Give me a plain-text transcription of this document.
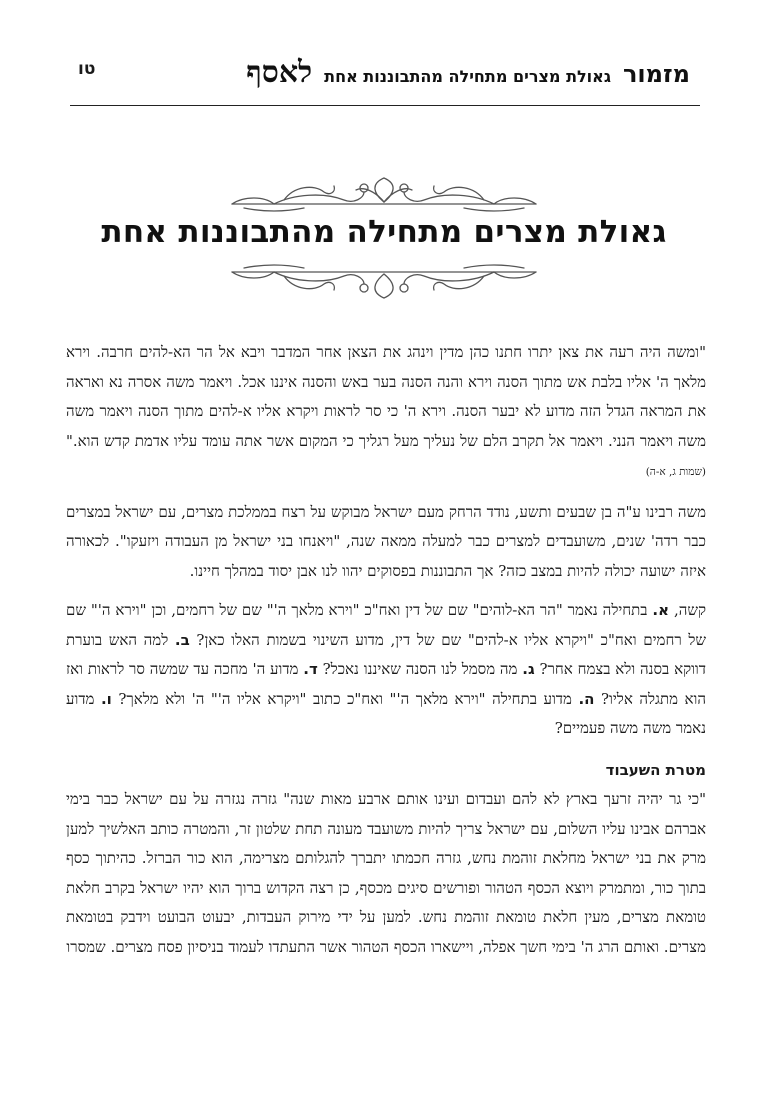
מזמור
גאולת מצרים מתחילה מהתבוננות אחת
לאסף
טו
גאולת מצרים מתחילה מהתבוננות אחת

"ומשה היה רעה את צאן יתרו חתנו כהן מדין וינהג את הצאן אחר המדבר ויבא אל הר הא-להים חרבה. וירא מלאך ה' אליו בלבת אש מתוך הסנה וירא והנה הסנה בער באש והסנה איננו אכל. ויאמר משה אסרה נא ואראה את המראה הגדל הזה מדוע לא יבער הסנה. וירא ה' כי סר לראות ויקרא אליו א-להים מתוך הסנה ויאמר משה משה ויאמר הנני. ויאמר אל תקרב הלם של נעליך מעל רגליך כי המקום אשר אתה עומד עליו אדמת קדש הוא." (שמות ג, א-ה)

משה רבינו ע"ה בן שבעים ותשע, נודד הרחק מעם ישראל מבוקש על רצח בממלכת מצרים, עם ישראל במצרים כבר רדה' שנים, משועבדים למצרים כבר למעלה ממאה שנה, "ויאנחו בני ישראל מן העבודה ויזעקו". לכאורה איזה ישועה יכולה להיות במצב כזה? אך התבוננות בפסוקים יהוו לנו אבן יסוד במהלך חיינו.

קשה, א. בתחילה נאמר "הר הא-לוהים" שם של דין ואח"כ "וירא מלאך ה'" שם של רחמים, וכן "וירא ה'" שם של רחמים ואח"כ "ויקרא אליו א-להים" שם של דין, מדוע השינוי בשמות האלו כאן? ב. למה האש בוערת דווקא בסנה ולא בצמח אחר? ג. מה מסמל לנו הסנה שאיננו נאכל? ד. מדוע ה' מחכה עד שמשה סר לראות ואז הוא מתגלה אליו? ה. מדוע בתחילה "וירא מלאך ה'" ואח"כ כתוב "ויקרא אליו ה'" ה' ולא מלאך? ו. מדוע נאמר משה משה פעמיים?

מטרת השעבוד

"כי גר יהיה זרעך בארץ לא להם ועבדום ועינו אותם ארבע מאות שנה" גזרה נגזרה על עם ישראל כבר בימי אברהם אבינו עליו השלום, עם ישראל צריך להיות משועבד מעונה תחת שלטון זר, והמטרה כותב האלשיך למען מרק את בני ישראל מחלאת זוהמת נחש, גזרה חכמתו יתברך להגלותם מצרימה, הוא כור הברזל. כהיתוך כסף בתוך כור, ומתמרק ויוצא הכסף הטהור ופורשים סיגים מכסף, כן רצה הקדוש ברוך הוא יהיו ישראל בקרב חלאת טומאת מצרים, מעין חלאת טומאת זוהמת נחש. למען על ידי מירוק העבדות, יבעוט הבועט וידבק בטומאת מצרים. ואותם הרג ה' בימי חשך אפלה, ויישארו הכסף הטהור אשר התעתדו לעמוד בניסיון פסח מצרים. שמסרו
